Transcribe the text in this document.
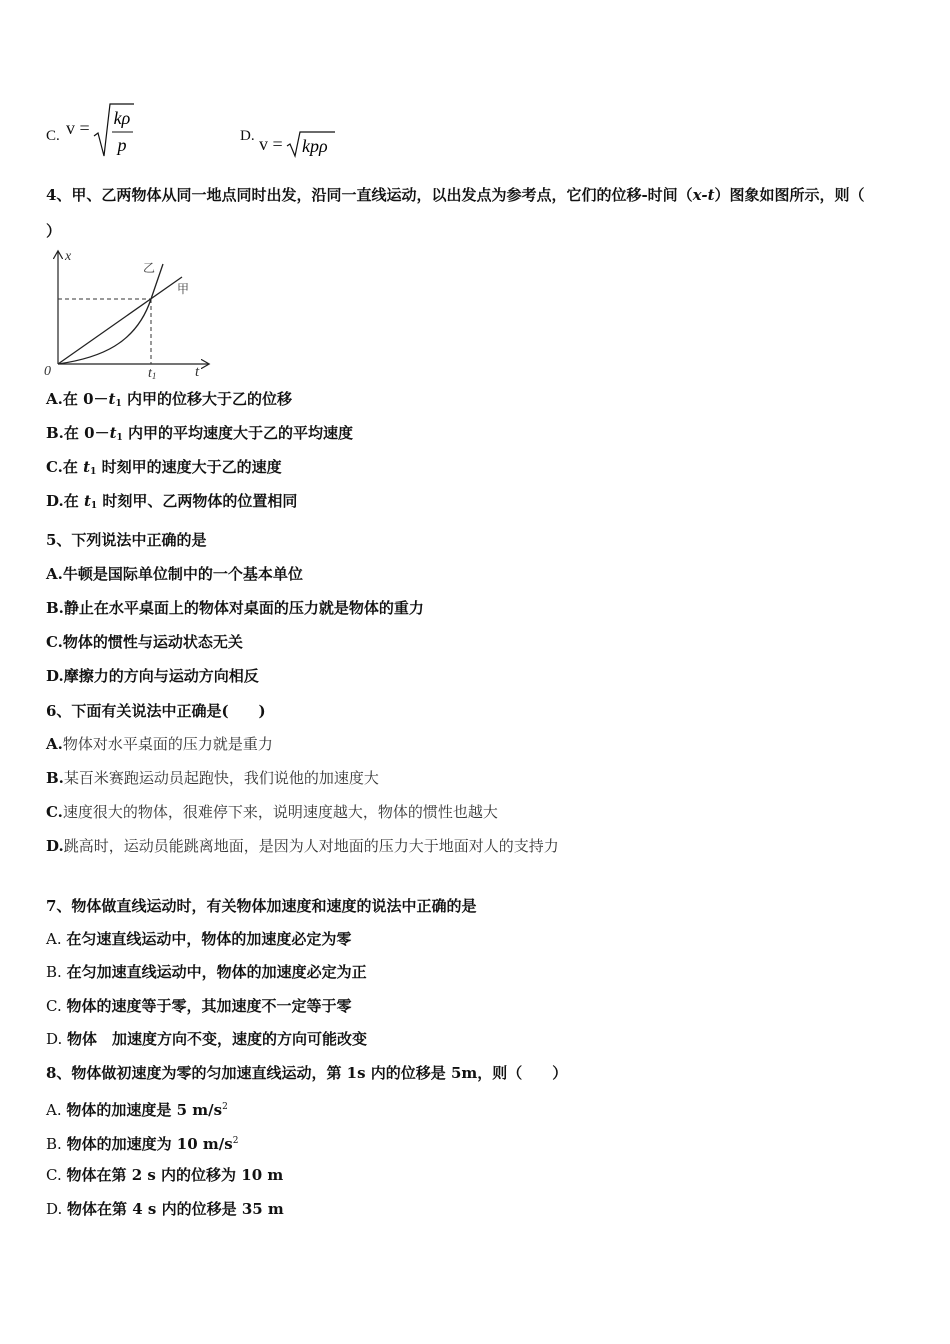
C. v = kρ
p	D. v = kpρ
4、甲、乙两物体从同一地点同时出发，沿同一直线运动，以出发点为参考点，它们的位移-时间（x-t）图象如图所示，则（
）
x
t
0	t1
乙
甲
A.在 $0-t_1$ 内甲的位移大于乙的位移
B.在 $0-t_1$ 内甲的平均速度大于乙的平均速度
C.在 $t_1$ 时刻甲的速度大于乙的速度
D.在 $t_1$ 时刻甲、乙两物体的位置相同
5、下列说法中正确的是
A.牛顿是国际单位制中的一个基本单位
B.静止在水平桌面上的物体对桌面的压力就是物体的重力
C.物体的惯性与运动状态无关
D.摩擦力的方向与运动方向相反
6、下面有关说法中正确是(　　)
A.物体对水平桌面的压力就是重力
B.某百米赛跑运动员起跑快，我们说他的加速度大
C.速度很大的物体，很难停下来，说明速度越大，物体的惯性也越大
D.跳高时，运动员能跳离地面，是因为人对地面的压力大于地面对人的支持力
7、物体做直线运动时，有关物体加速度和速度的说法中正确的是
A. 在匀速直线运动中，物体的加速度必定为零
B. 在匀加速直线运动中，物体的加速度必定为正
C. 物体的速度等于零，其加速度不一定等于零
D. 物体　加速度方向不变，速度的方向可能改变
8、物体做初速度为零的匀加速直线运动，第 1s 内的位移是 5m，则（　　）
A. 物体的加速度是 5 $m/s^2$
B. 物体的加速度为 10 $m/s^2$
C. 物体在第 2 s 内的位移为 10 m
D. 物体在第 4 s 内的位移是 35 m
